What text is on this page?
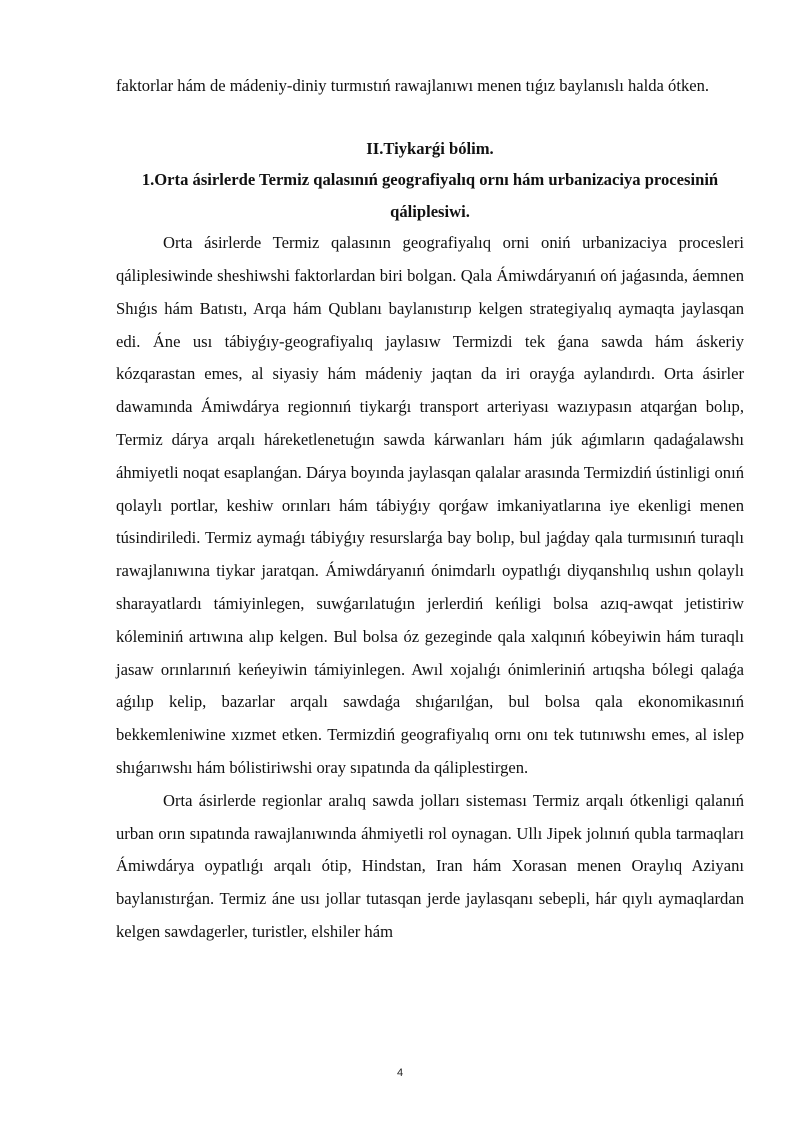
faktorlar hám de mádeniy-diniy turmıstıń rawajlanıwı menen tıǵız baylanıslı halda ótken.

II.Tiykarǵi bólim.

1.Orta ásirlerde Termiz qalasınıń geografiyalıq ornı hám urbanizaciya procesiniń qáliplesiwi.

Orta ásirlerde Termiz qalasının geografiyalıq orni oniń urbanizaciya procesleri qáliplesiwinde sheshiwshi faktorlardan biri bolgan. Qala Ámiwdáryanıń oń jaǵasında, áemnen Shıǵıs hám Batıstı, Arqa hám Qublanı baylanıstırıp kelgen strategiyalıq aymaqta jaylasqan edi. Áne usı tábiyǵıy-geografiyalıq jaylasıw Termizdi tek ǵana sawda hám áskeriy kózqarastan emes, al siyasiy hám mádeniy jaqtan da iri orayǵa aylandırdı. Orta ásirler dawamında Ámiwdárya regionnıń tiykarǵı transport arteriyası wazıypasın atqarǵan bolıp, Termiz dárya arqalı háreketlenetuǵın sawda kárwanları hám júk aǵımların qadaǵalawshı áhmiyetli noqat esaplanǵan. Dárya boyında jaylasqan qalalar arasında Termizdiń ústinligi onıń qolaylı portlar, keshiw orınları hám tábiyǵıy qorǵaw imkaniyatlarına iye ekenligi menen túsindiriledi. Termiz aymaǵı tábiyǵıy resurslarǵa bay bolıp, bul jaǵday qala turmısınıń turaqlı rawajlanıwına tiykar jaratqan. Ámiwdáryanıń ónimdarlı oypatlıǵı diyqanshılıq ushın qolaylı sharayatlardı támiyinlegen, suwǵarılatuǵın jerlerdiń keńligi bolsa azıq-awqat jetistiriw kóleminiń artıwına alıp kelgen. Bul bolsa óz gezeginde qala xalqınıń kóbeyiwin hám turaqlı jasaw orınlarınıń keńeyiwin támiyinlegen. Awıl xojalıǵı ónimleriniń artıqsha bólegi qalaǵa aǵılıp kelip, bazarlar arqalı sawdaǵa shıǵarılǵan, bul bolsa qala ekonomikasınıń bekkemleniwine xızmet etken. Termizdiń geografiyalıq ornı onı tek tutınıwshı emes, al islep shıǵarıwshı hám bólistiriwshi oray sıpatında da qáliplestirgen.

Orta ásirlerde regionlar aralıq sawda jolları sisteması Termiz arqalı ótkenligi qalanıń urban orın sıpatında rawajlanıwında áhmiyetli rol oynagan. Ullı Jipek jolınıń qubla tarmaqları Ámiwdárya oypatlıǵı arqalı ótip, Hindstan, Iran hám Xorasan menen Oraylıq Aziyanı baylanıstırǵan. Termiz áne usı jollar tutasqan jerde jaylasqanı sebepli, hár qıylı aymaqlardan kelgen sawdagerler, turistler, elshiler hám

4
